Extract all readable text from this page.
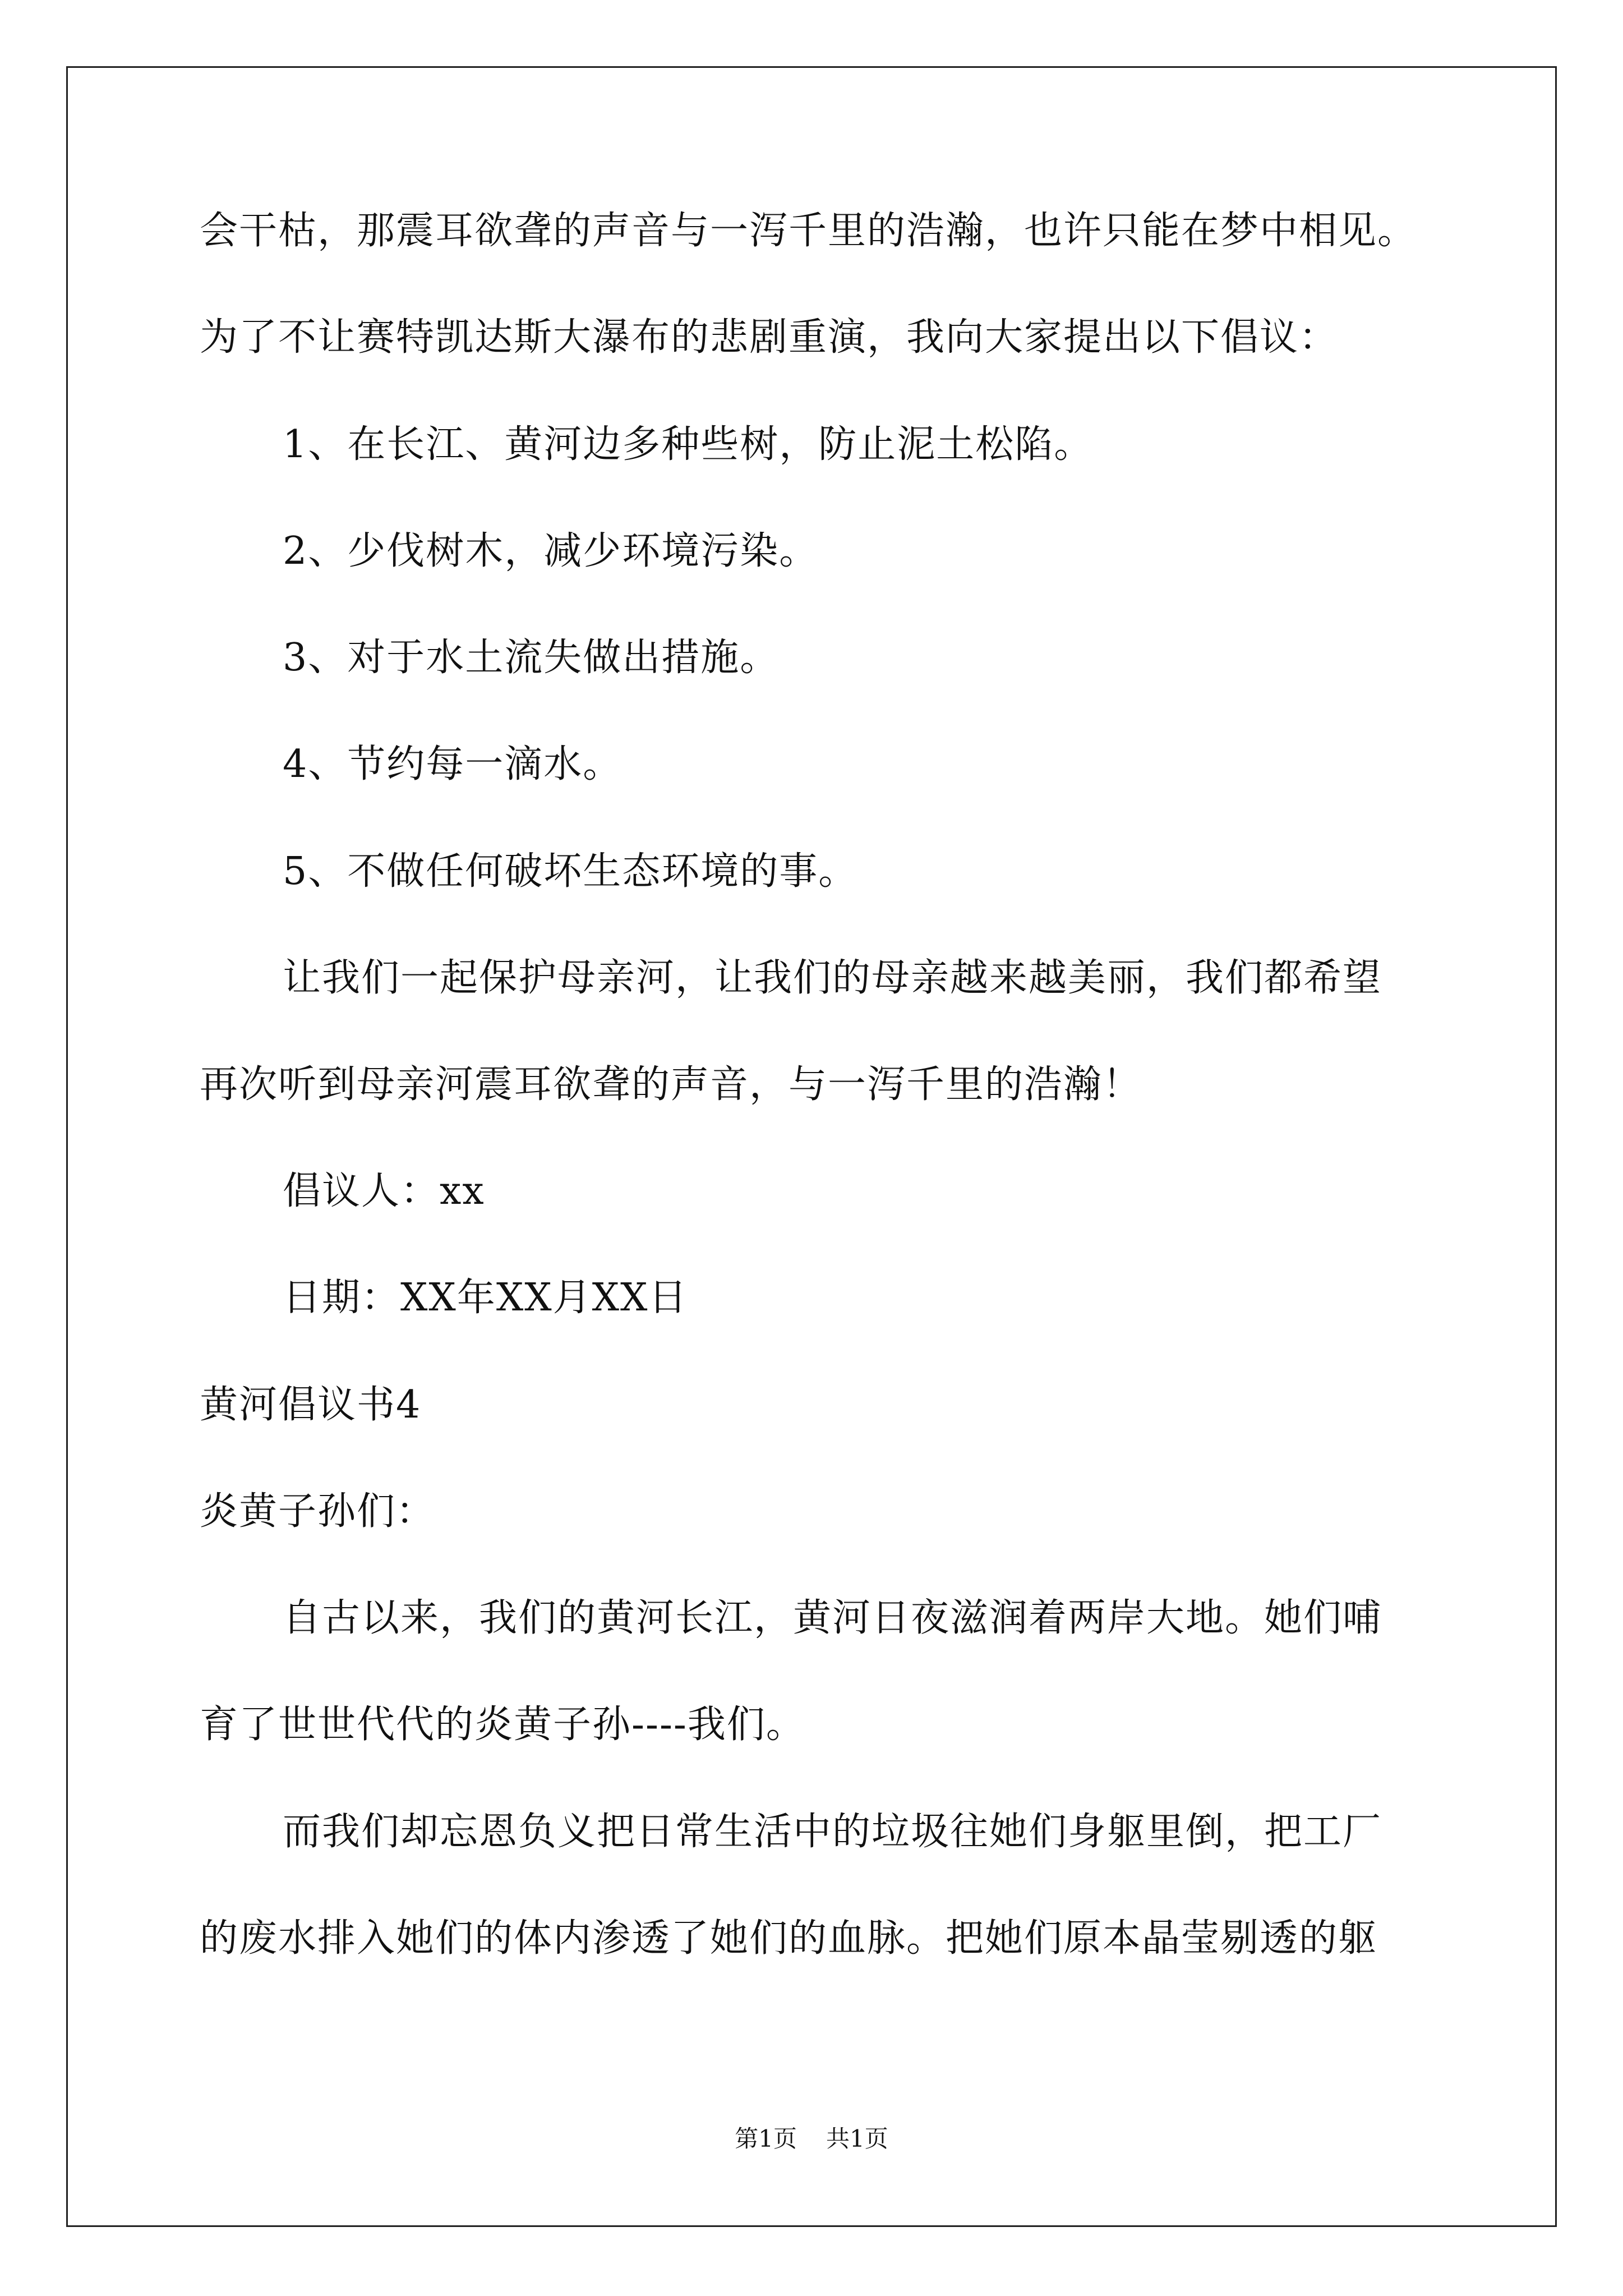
会干枯，那震耳欲聋的声音与一泻千里的浩瀚，也许只能在梦中相见。
为了不让赛特凯达斯大瀑布的悲剧重演，我向大家提出以下倡议：
1、在长江、黄河边多种些树，防止泥土松陷。
2、少伐树木，减少环境污染。
3、对于水土流失做出措施。
4、节约每一滴水。
5、不做任何破坏生态环境的事。
让我们一起保护母亲河，让我们的母亲越来越美丽，我们都希望
再次听到母亲河震耳欲聋的声音，与一泻千里的浩瀚！
倡议人：xx
日期：XX年XX月XX日
黄河倡议书4
炎黄子孙们：
自古以来，我们的黄河长江，黄河日夜滋润着两岸大地。她们哺
育了世世代代的炎黄子孙----我们。
而我们却忘恩负义把日常生活中的垃圾往她们身躯里倒，把工厂
的废水排入她们的体内渗透了她们的血脉。把她们原本晶莹剔透的躯
第1页 共1页
